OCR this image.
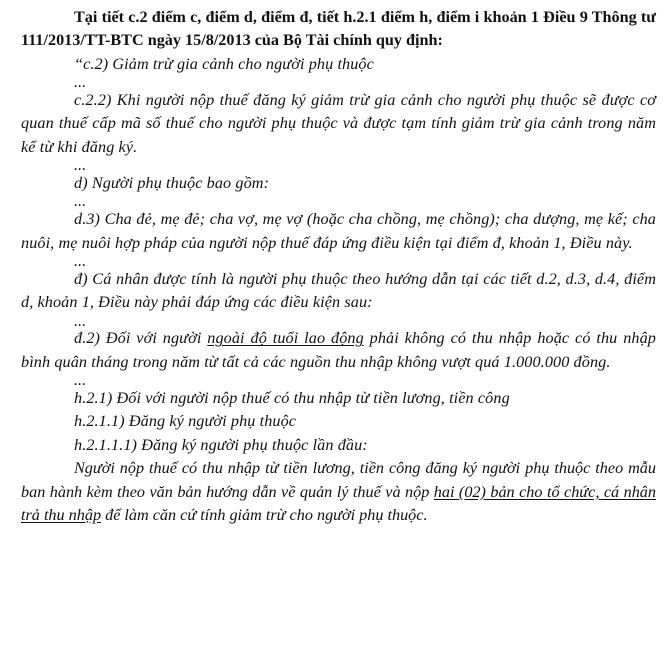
Tại tiết c.2 điểm c, điểm d, điểm đ, tiết h.2.1 điểm h, điểm i khoản 1 Điều 9 Thông tư 111/2013/TT-BTC ngày 15/8/2013 của Bộ Tài chính quy định:

“c.2) Giảm trừ gia cảnh cho người phụ thuộc

...

c.2.2) Khi người nộp thuế đăng ký giảm trừ gia cảnh cho người phụ thuộc sẽ được cơ quan thuế cấp mã số thuế cho người phụ thuộc và được tạm tính giảm trừ gia cảnh trong năm kể từ khi đăng ký.

...

d) Người phụ thuộc bao gồm:

...

d.3) Cha đẻ, mẹ đẻ; cha vợ, mẹ vợ (hoặc cha chồng, mẹ chồng); cha dượng, mẹ kế; cha nuôi, mẹ nuôi hợp pháp của người nộp thuế đáp ứng điều kiện tại điểm đ, khoản 1, Điều này.

...

đ) Cá nhân được tính là người phụ thuộc theo hướng dẫn tại các tiết d.2, d.3, d.4, điểm d, khoản 1, Điều này phải đáp ứng các điều kiện sau:

...

đ.2) Đối với người ngoài độ tuổi lao động phải không có thu nhập hoặc có thu nhập bình quân tháng trong năm từ tất cả các nguồn thu nhập không vượt quá 1.000.000 đồng.

...

h.2.1) Đối với người nộp thuế có thu nhập từ tiền lương, tiền công

h.2.1.1) Đăng ký người phụ thuộc

h.2.1.1.1) Đăng ký người phụ thuộc lần đầu:

Người nộp thuế có thu nhập từ tiền lương, tiền công đăng ký người phụ thuộc theo mẫu ban hành kèm theo văn bản hướng dẫn về quản lý thuế và nộp hai (02) bản cho tổ chức, cá nhân trả thu nhập để làm căn cứ tính giảm trừ cho người phụ thuộc.
